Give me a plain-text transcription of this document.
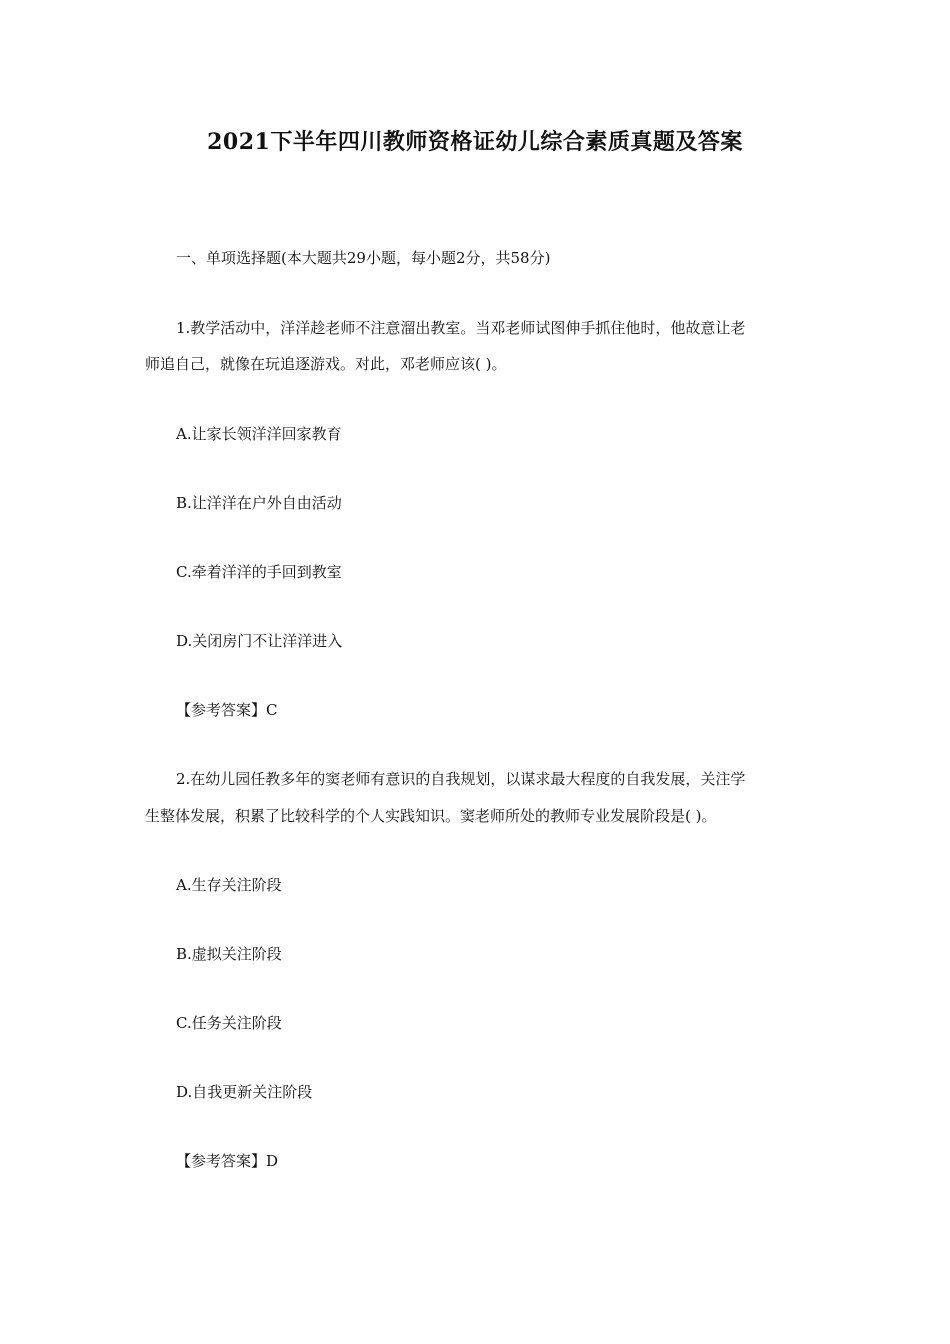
2021下半年四川教师资格证幼儿综合素质真题及答案
一、单项选择题(本大题共29小题，每小题2分，共58分)
1.教学活动中，洋洋趁老师不注意溜出教室。当邓老师试图伸手抓住他时，他故意让老
师追自己，就像在玩追逐游戏。对此，邓老师应该( )。
A.让家长领洋洋回家教育
B.让洋洋在户外自由活动
C.牵着洋洋的手回到教室
D.关闭房门不让洋洋进入
【参考答案】C
2.在幼儿园任教多年的窦老师有意识的自我规划，以谋求最大程度的自我发展，关注学
生整体发展，积累了比较科学的个人实践知识。窦老师所处的教师专业发展阶段是( )。
A.生存关注阶段
B.虚拟关注阶段
C.任务关注阶段
D.自我更新关注阶段
【参考答案】D
